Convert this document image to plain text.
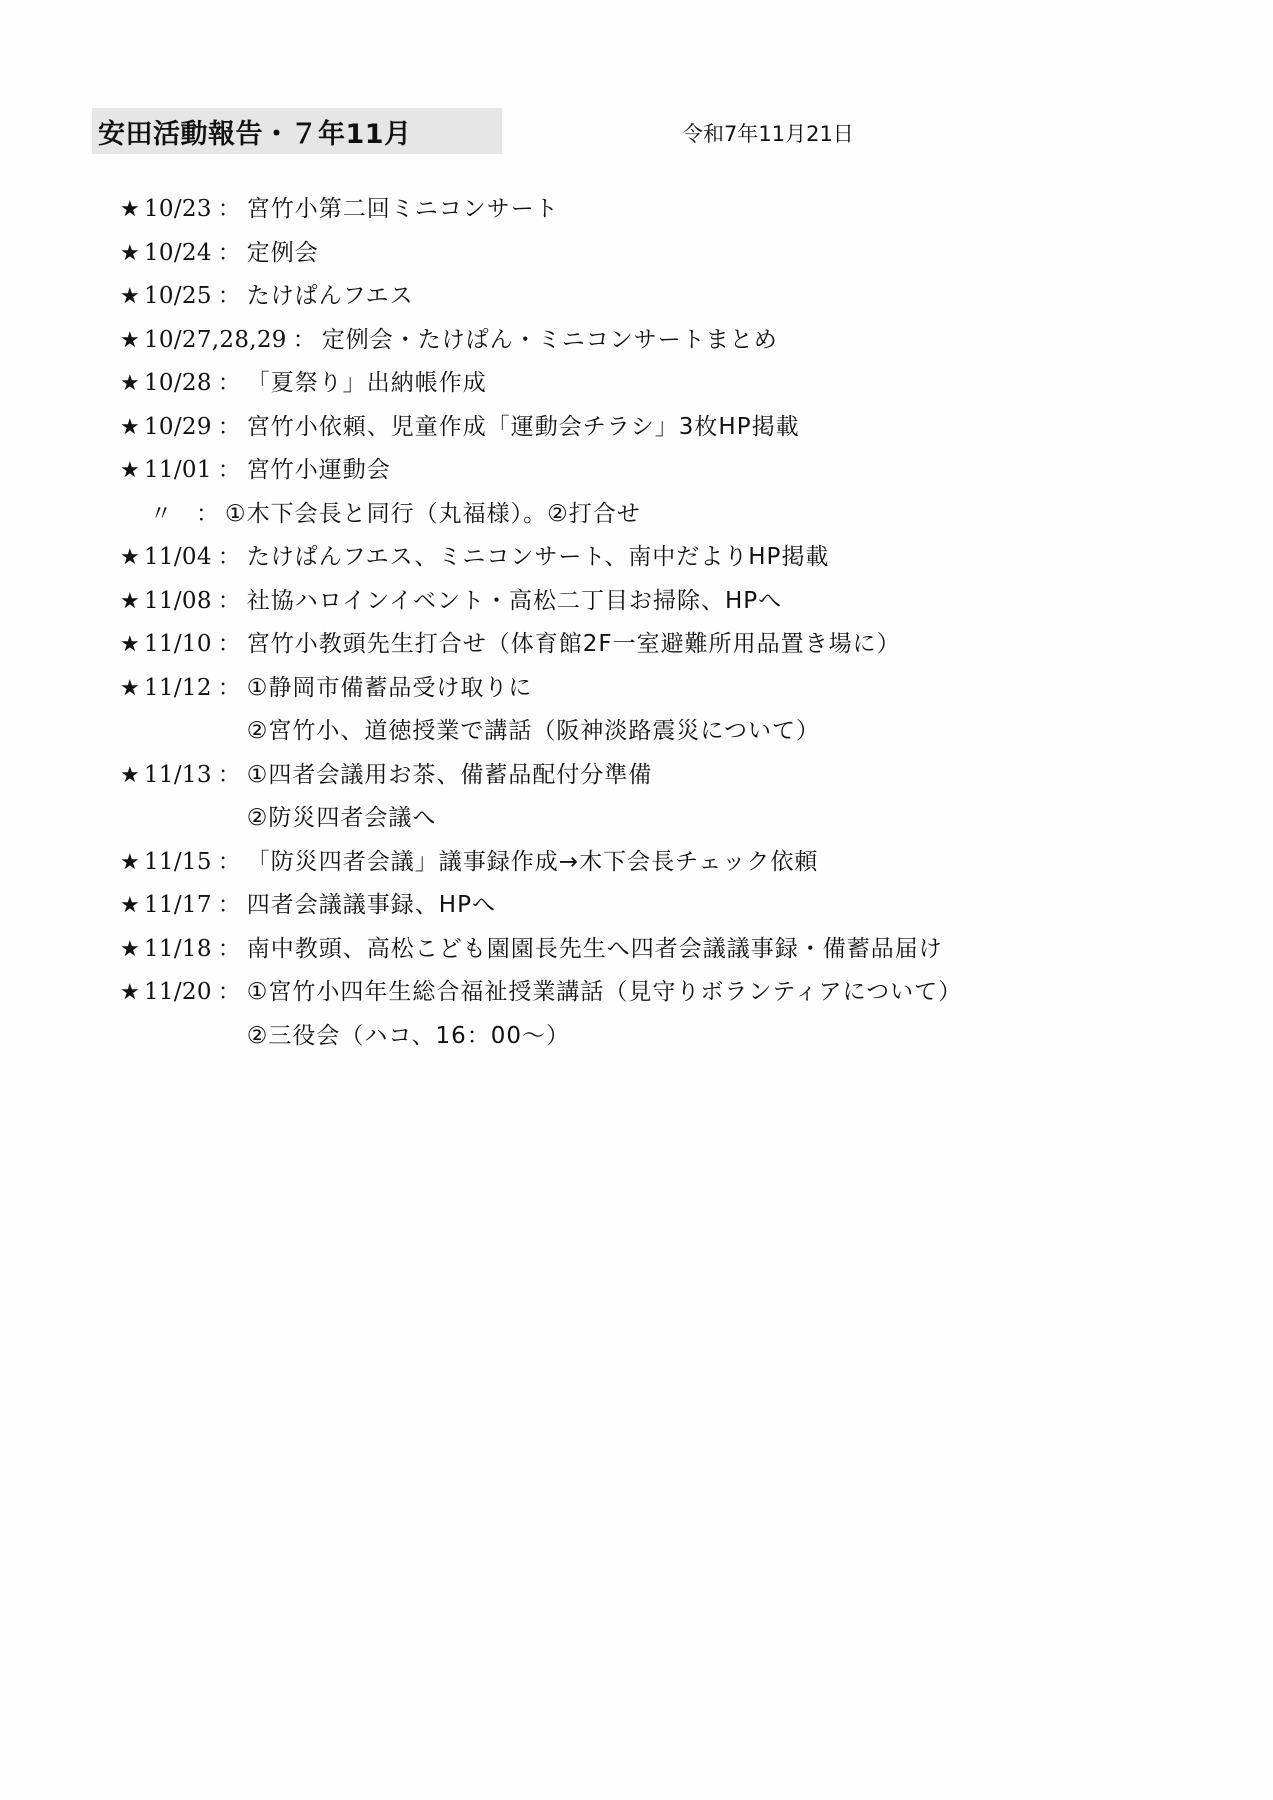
安田活動報告・７年11月	令和7年11月21日
★ 10/23 ： 宮竹小第二回ミニコンサート
★ 10/24 ： 定例会
★ 10/25 ： たけぱんフエス
★ 10/27,28,29 ： 定例会・たけぱん・ミニコンサートまとめ
★ 10/28 ： 「夏祭り」出納帳作成
★ 10/29 ： 宮竹小依頼、児童作成「運動会チラシ」3枚HP掲載
★ 11/01 ： 宮竹小運動会
〃	： ①木下会長と同行（丸福様）。②打合せ
★ 11/04 ： たけぱんフエス、ミニコンサート、南中だよりHP掲載
★ 11/08 ： 社協ハロインイベント・高松二丁目お掃除、HPへ
★ 11/10 ： 宮竹小教頭先生打合せ（体育館2F一室避難所用品置き場に）
★ 11/12 ： ①静岡市備蓄品受け取りに
②宮竹小、道徳授業で講話（阪神淡路震災について）
★ 11/13 ： ①四者会議用お茶、備蓄品配付分準備
②防災四者会議へ
★ 11/15 ： 「防災四者会議」議事録作成→木下会長チェック依頼
★ 11/17 ： 四者会議議事録、HPへ
★ 11/18 ： 南中教頭、高松こども園園長先生へ四者会議議事録・備蓄品届け
★ 11/20 ： ①宮竹小四年生総合福祉授業講話（見守りボランティアについて）
②三役会（ハコ、16：00～）
